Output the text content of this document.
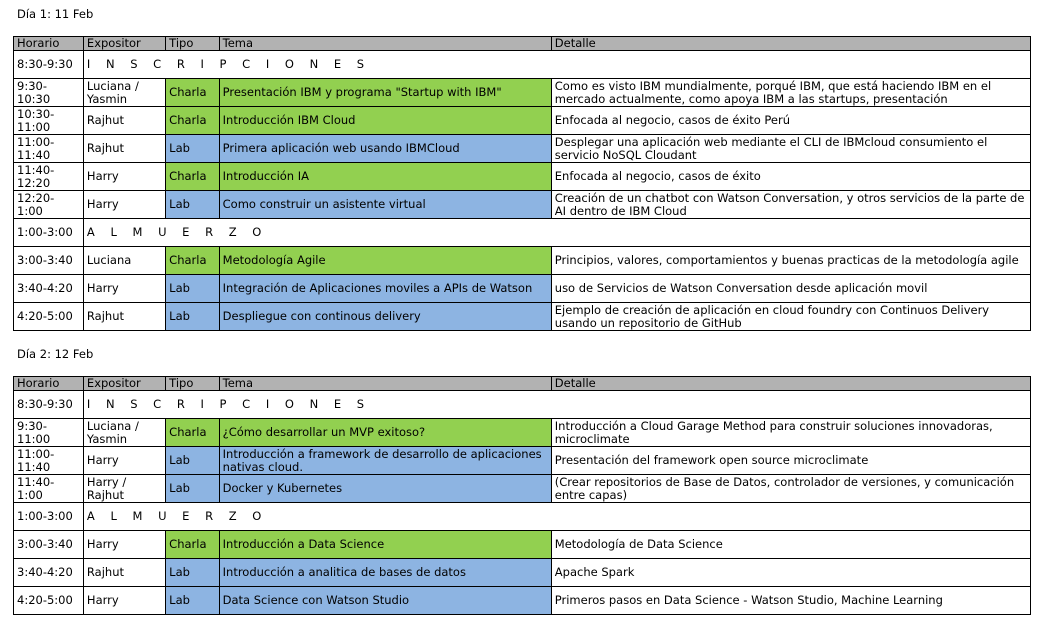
Día 1: 11 Feb
Horario	Expositor	Tipo	Tema	Detalle
8:30-9:30	I N S C R I P C I O N E S			
9:30-10:30	Luciana / Yasmin	Charla	Presentación IBM y programa "Startup with IBM"	Como es visto IBM mundialmente, porqué IBM, que está haciendo IBM en el mercado actualmente, como apoya IBM a las startups, presentación
10:30-11:00	Rajhut	Charla	Introducción IBM Cloud	Enfocada al negocio, casos de éxito Perú
11:00-11:40	Rajhut	Lab	Primera aplicación web usando IBMCloud	Desplegar una aplicación web mediante el CLI de IBMcloud consumiento el servicio NoSQL Cloudant
11:40-12:20	Harry	Charla	Introducción IA	Enfocada al negocio, casos de éxito
12:20-1:00	Harry	Lab	Como construir un asistente virtual	Creación de un chatbot con Watson Conversation, y otros servicios de la parte de AI dentro de IBM Cloud
1:00-3:00	A L M U E R Z O			
3:00-3:40	Luciana	Charla	Metodología Agile	Principios, valores, comportamientos y buenas practicas de la metodología agile
3:40-4:20	Harry	Lab	Integración de Aplicaciones moviles a APIs de Watson	uso de Servicios de Watson Conversation desde aplicación movil
4:20-5:00	Rajhut	Lab	Despliegue con continous delivery	Ejemplo de creación de aplicación en cloud foundry con Continuos Delivery usando un repositorio de GitHub
Día 2: 12 Feb
Horario	Expositor	Tipo	Tema	Detalle
8:30-9:30	I N S C R I P C I O N E S			
9:30-11:00	Luciana / Yasmin	Charla	¿Cómo desarrollar un MVP exitoso?	Introducción a Cloud Garage Method para construir soluciones innovadoras, microclimate
11:00-11:40	Harry	Lab	Introducción a framework de desarrollo de aplicaciones nativas cloud.	Presentación del framework open source microclimate
11:40-1:00	Harry / Rajhut	Lab	Docker y Kubernetes	(Crear repositorios de Base de Datos, controlador de versiones, y comunicación entre capas)
1:00-3:00	A L M U E R Z O			
3:00-3:40	Harry	Charla	Introducción a Data Science	Metodología de Data Science
3:40-4:20	Rajhut	Lab	Introducción a analitica de bases de datos	Apache Spark
4:20-5:00	Harry	Lab	Data Science con Watson Studio	Primeros pasos en Data Science - Watson Studio, Machine Learning
